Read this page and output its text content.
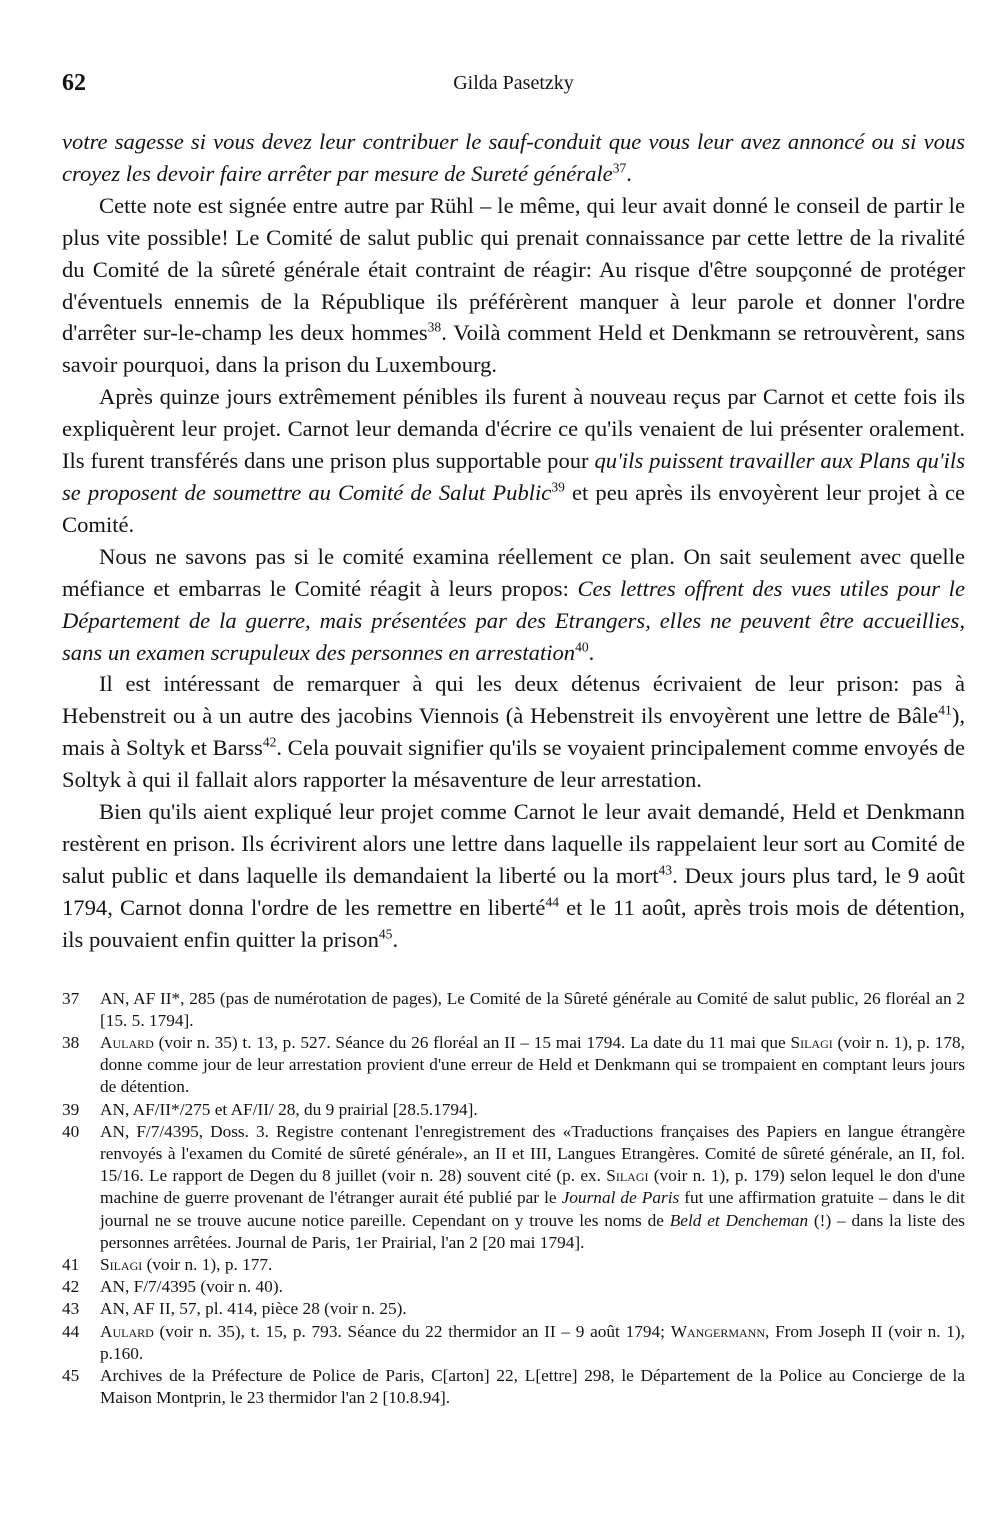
62	Gilda Pasetzky

votre sagesse si vous devez leur contribuer le sauf-conduit que vous leur avez annoncé ou si vous croyez les devoir faire arrêter par mesure de Sureté générale$^{37}$.

Cette note est signée entre autre par Rühl – le même, qui leur avait donné le conseil de partir le plus vite possible! Le Comité de salut public qui prenait connaissance par cette lettre de la rivalité du Comité de la sûreté générale était contraint de réagir: Au risque d'être soupçonné de protéger d'éventuels ennemis de la République ils préférèrent manquer à leur parole et donner l'ordre d'arrêter sur-le-champ les deux hommes$^{38}$. Voilà comment Held et Denkmann se retrouvèrent, sans savoir pourquoi, dans la prison du Luxembourg.

Après quinze jours extrêmement pénibles ils furent à nouveau reçus par Carnot et cette fois ils expliquèrent leur projet. Carnot leur demanda d'écrire ce qu'ils venaient de lui présenter oralement. Ils furent transférés dans une prison plus supportable pour qu'ils puissent travailler aux Plans qu'ils se proposent de soumettre au Comité de Salut Public$^{39}$ et peu après ils envoyèrent leur projet à ce Comité.

Nous ne savons pas si le comité examina réellement ce plan. On sait seulement avec quelle méfiance et embarras le Comité réagit à leurs propos: Ces lettres offrent des vues utiles pour le Département de la guerre, mais présentées par des Etrangers, elles ne peuvent être accueillies, sans un examen scrupuleux des personnes en arrestation$^{40}$.

Il est intéressant de remarquer à qui les deux détenus écrivaient de leur prison: pas à Hebenstreit ou à un autre des jacobins Viennois (à Hebenstreit ils envoyèrent une lettre de Bâle$^{41}$), mais à Soltyk et Barss$^{42}$. Cela pouvait signifier qu'ils se voyaient principalement comme envoyés de Soltyk à qui il fallait alors rapporter la mésaventure de leur arrestation.

Bien qu'ils aient expliqué leur projet comme Carnot le leur avait demandé, Held et Denkmann restèrent en prison. Ils écrivirent alors une lettre dans laquelle ils rappelaient leur sort au Comité de salut public et dans laquelle ils demandaient la liberté ou la mort$^{43}$. Deux jours plus tard, le 9 août 1794, Carnot donna l'ordre de les remettre en liberté$^{44}$ et le 11 août, après trois mois de détention, ils pouvaient enfin quitter la prison$^{45}$.

37	AN, AF II*, 285 (pas de numérotation de pages), Le Comité de la Sûreté générale au Comité de salut public, 26 floréal an 2 [15. 5. 1794].
38	Aulard (voir n. 35) t. 13, p. 527. Séance du 26 floréal an II – 15 mai 1794. La date du 11 mai que Silagi (voir n. 1), p. 178, donne comme jour de leur arrestation provient d'une erreur de Held et Denkmann qui se trompaient en comptant leurs jours de détention.
39	AN, AF/II*/275 et AF/II/ 28, du 9 prairial [28.5.1794].
40	AN, F/7/4395, Doss. 3. Registre contenant l'enregistrement des «Traductions françaises des Papiers en langue étrangère renvoyés à l'examen du Comité de sûreté générale», an II et III, Langues Etrangères. Comité de sûreté générale, an II, fol. 15/16. Le rapport de Degen du 8 juillet (voir n. 28) souvent cité (p. ex. Silagi (voir n. 1), p. 179) selon lequel le don d'une machine de guerre provenant de l'étranger aurait été publié par le Journal de Paris fut une affirmation gratuite – dans le dit journal ne se trouve aucune notice pareille. Cependant on y trouve les noms de Beld et Dencheman (!) – dans la liste des personnes arrêtées. Journal de Paris, 1er Prairial, l'an 2 [20 mai 1794].
41	Silagi (voir n. 1), p. 177.
42	AN, F/7/4395 (voir n. 40).
43	AN, AF II, 57, pl. 414, pièce 28 (voir n. 25).
44	Aulard (voir n. 35), t. 15, p. 793. Séance du 22 thermidor an II – 9 août 1794; Wangermann, From Joseph II (voir n. 1), p.160.
45	Archives de la Préfecture de Police de Paris, C[arton] 22, L[ettre] 298, le Département de la Police au Concierge de la Maison Montprin, le 23 thermidor l'an 2 [10.8.94].
